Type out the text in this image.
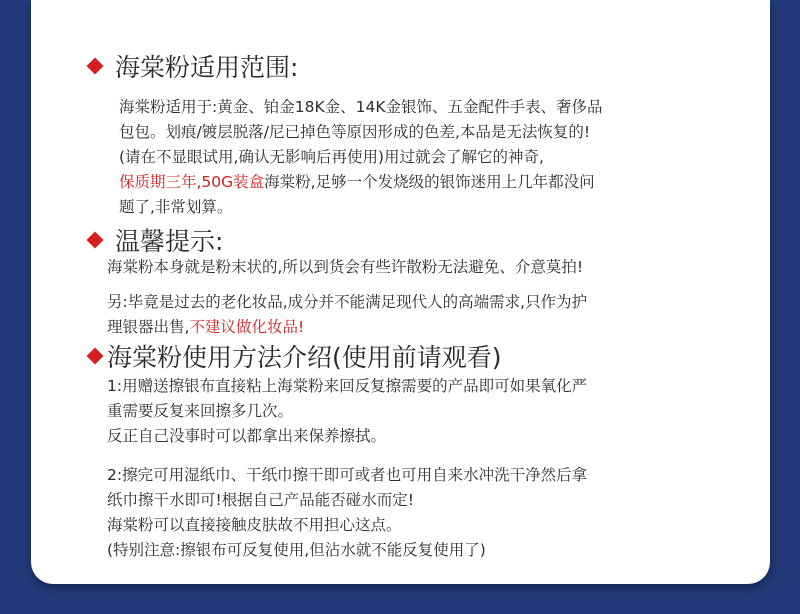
海棠粉适用范围:
海棠粉适用于:黄金、铂金18K金、14K金银饰、五金配件手表、奢侈品
包包。划痕/镀层脱落/尼已掉色等原因形成的色差,本品是无法恢复的!
(请在不显眼试用,确认无影响后再使用)用过就会了解它的神奇,
保质期三年,50G装盒海棠粉,足够一个发烧级的银饰迷用上几年都没问
题了,非常划算。
温馨提示:
海棠粉本身就是粉末状的,所以到货会有些许散粉无法避免、介意莫拍!
另:毕竟是过去的老化妆品,成分并不能满足现代人的高端需求,只作为护
理银器出售,不建议做化妆品!
海棠粉使用方法介绍(使用前请观看)
1:用赠送擦银布直接粘上海棠粉来回反复擦需要的产品即可如果氧化严
重需要反复来回擦多几次。
反正自己没事时可以都拿出来保养擦拭。
2:擦完可用湿纸巾、干纸巾擦干即可或者也可用自来水冲洗干净然后拿
纸巾擦干水即可!根据自己产品能否碰水而定!
海棠粉可以直接接触皮肤故不用担心这点。
(特别注意:擦银布可反复使用,但沾水就不能反复使用了)
